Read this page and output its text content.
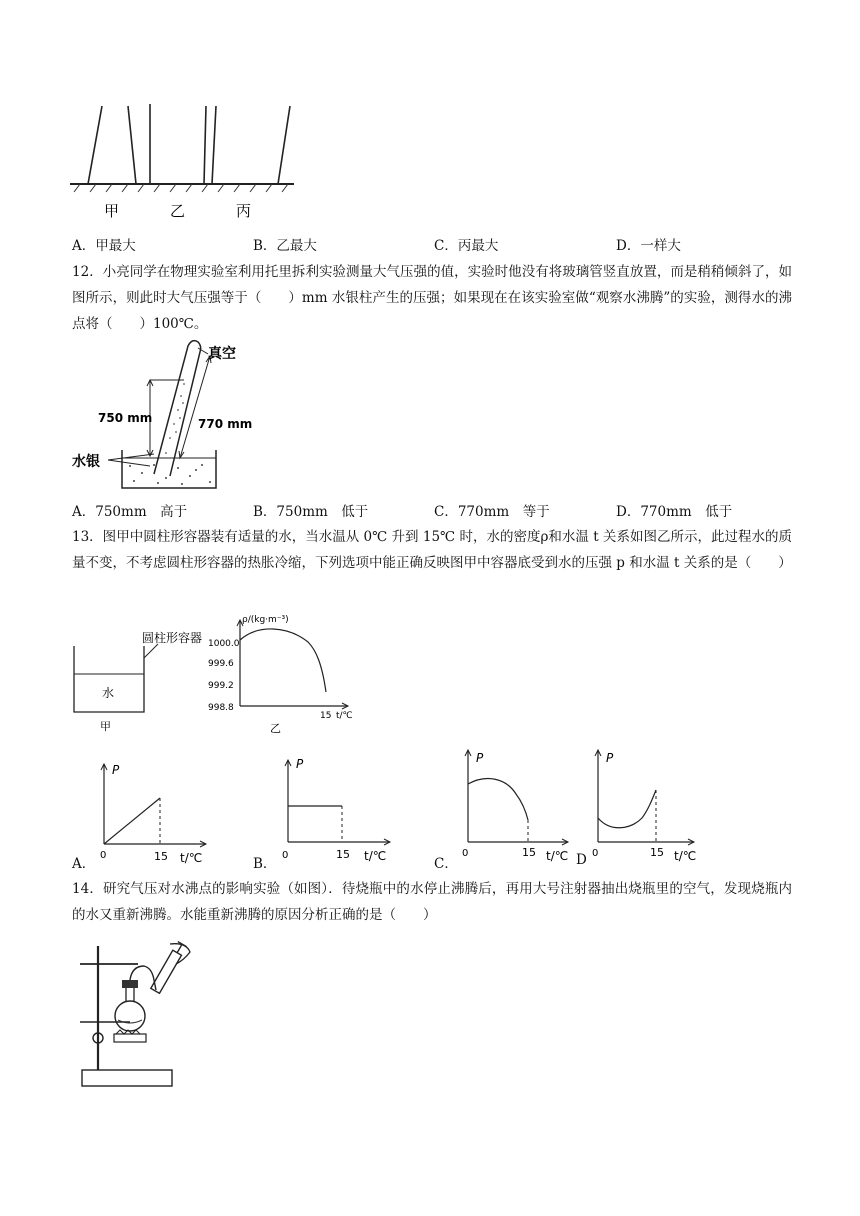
甲	乙	丙
A．甲最大	B．乙最大	C．丙最大	D．一样大
12．小亮同学在物理实验室利用托里拆利实验测量大气压强的值，实验时他没有将玻璃管竖直放置，而是稍稍倾斜了，如图所示，则此时大气压强等于（　　）mm 水银柱产生的压强；如果现在在该实验室做“观察水沸腾”的实验，测得水的沸点将（　　）100℃。
真空
750 mm	770 mm
水银
A．750mm　高于	B．750mm　低于	C．770mm　等于	D．770mm　低于
13．图甲中圆柱形容器装有适量的水，当水温从 0℃ 升到 15℃ 时，水的密度ρ和水温 t 关系如图乙所示，此过程水的质量不变，不考虑圆柱形容器的热胀冷缩，下列选项中能正确反映图甲中容器底受到水的压强 p 和水温 t 关系的是（　　）
圆柱形容器
水
甲
ρ/(kg·m⁻³)
1000.0
999.6
999.2
998.8
15 t/℃
乙
A．
P
0	15 t/℃	B．
P
0	15 t/℃	C．
P
0	15 t/℃ D
P
0	15 t/℃
14．研究气压对水沸点的影响实验（如图）．待烧瓶中的水停止沸腾后，再用大号注射器抽出烧瓶里的空气，发现烧瓶内的水又重新沸腾。水能重新沸腾的原因分析正确的是（　　）
